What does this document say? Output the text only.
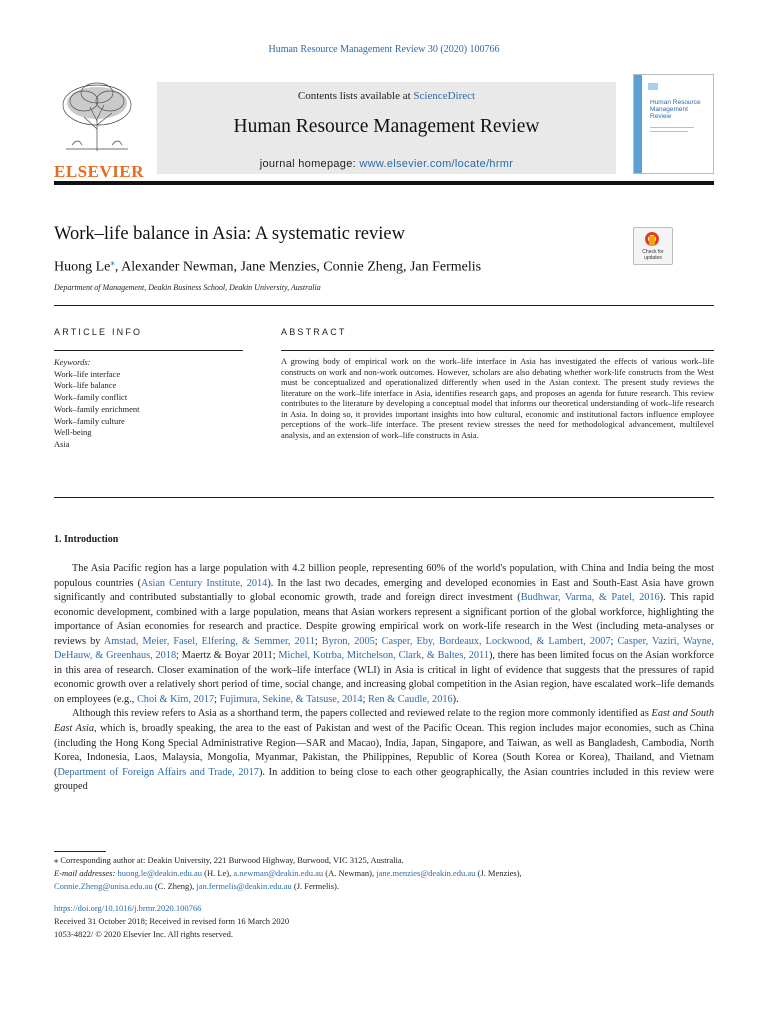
Human Resource Management Review 30 (2020) 100766
ELSEVIER
Contents lists available at ScienceDirect
Human Resource Management Review
journal homepage: www.elsevier.com/locate/hrmr
Human Resource Management Review
Work–life balance in Asia: A systematic review
Huong Le⁎, Alexander Newman, Jane Menzies, Connie Zheng, Jan Fermelis
Department of Management, Deakin Business School, Deakin University, Australia
Check for updates
ARTICLE INFO	ABSTRACT
Keywords:
Work–life interface
Work–life balance
Work–family conflict
Work–family enrichment
Work–family culture
Well-being
Asia
A growing body of empirical work on the work–life interface in Asia has investigated the effects of various work–life constructs on work and non-work outcomes. However, scholars are also debating whether work-life constructs from the West must be conceptualized and operationalized differently when used in the Asian context. The present study reviews the literature on the work–life interface in Asia, identifies research gaps, and proposes an agenda for future research. This review contributes to the literature by developing a conceptual model that informs our theoretical understanding of work–life research in Asia. In doing so, it provides important insights into how cultural, economic and institutional factors influence employee perceptions of the work–life interface. The present review stresses the need for methodological advancement, multilevel analysis, and an extension of work–life constructs in Asia.
1. Introduction

The Asia Pacific region has a large population with 4.2 billion people, representing 60% of the world's population, with China and India being the most populous countries (Asian Century Institute, 2014). In the last two decades, emerging and developed economies in East and South-East Asia have grown significantly and contributed substantially to global economic growth, trade and foreign direct investment (Budhwar, Varma, & Patel, 2016). This rapid economic development, combined with a large population, means that Asian workers represent a significant portion of the global workforce, highlighting the importance of Asian economies for research and practice. Despite growing empirical work on work-life research in the West (including meta-analyses or reviews by Amstad, Meier, Fasel, Elfering, & Semmer, 2011; Byron, 2005; Casper, Eby, Bordeaux, Lockwood, & Lambert, 2007; Casper, Vaziri, Wayne, DeHauw, & Greenhaus, 2018; Maertz & Boyar 2011; Michel, Kotrba, Mitchelson, Clark, & Baltes, 2011), there has been limited focus on the Asian workforce in this area of research. Closer examination of the work–life interface (WLI) in Asia is critical in light of evidence that suggests that the pressures of rapid economic growth over a relatively short period of time, social change, and increasing global competition in the Asian region, have escalated work–life demands on employees (e.g., Choi & Kim, 2017; Fujimura, Sekine, & Tatsuse, 2014; Ren & Caudle, 2016).

Although this review refers to Asia as a shorthand term, the papers collected and reviewed relate to the region more commonly identified as East and South East Asia, which is, broadly speaking, the area to the east of Pakistan and west of the Pacific Ocean. This region includes major economies, such as China (including the Hong Kong Special Administrative Region—SAR and Macao), India, Japan, Singapore, and Taiwan, as well as Bangladesh, Cambodia, North Korea, Indonesia, Laos, Malaysia, Mongolia, Myanmar, Pakistan, the Philippines, Republic of Korea (South Korea or Korea), Thailand, and Vietnam (Department of Foreign Affairs and Trade, 2017). In addition to being close to each other geographically, the Asian countries included in this review were grouped

⁎ Corresponding author at: Deakin University, 221 Burwood Highway, Burwood, VIC 3125, Australia.
E-mail addresses: huong.le@deakin.edu.au (H. Le), a.newman@deakin.edu.au (A. Newman), jane.menzies@deakin.edu.au (J. Menzies),
Connie.Zheng@unisa.edu.au (C. Zheng), jan.fermelis@deakin.edu.au (J. Fermelis).
https://doi.org/10.1016/j.hrmr.2020.100766
Received 31 October 2018; Received in revised form 16 March 2020
1053-4822/ © 2020 Elsevier Inc. All rights reserved.
